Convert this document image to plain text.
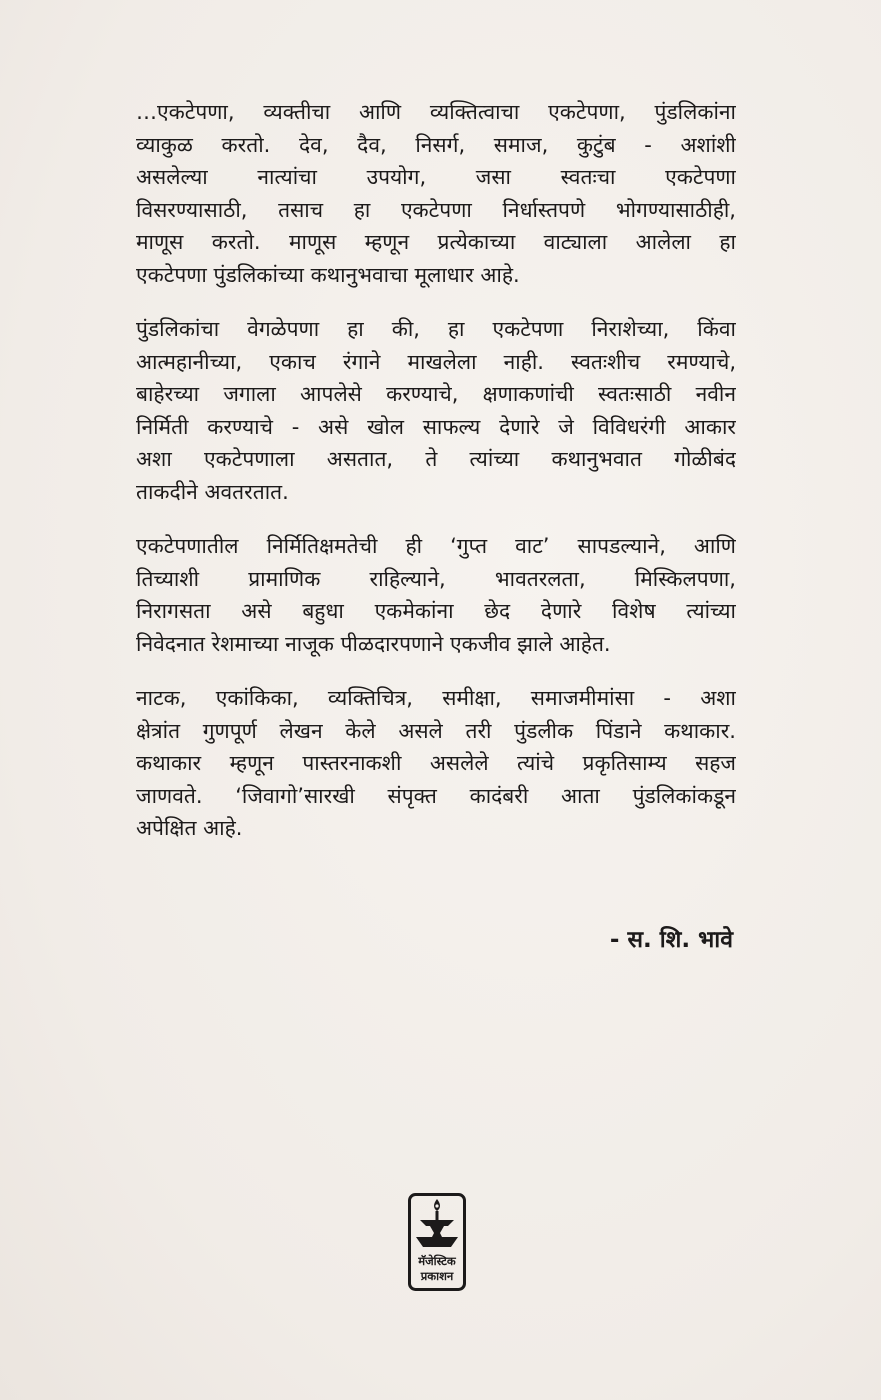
…एकटेपणा, व्यक्तीचा आणि व्यक्तित्वाचा एकटेपणा, पुंडलिकांना
व्याकुळ करतो. देव, दैव, निसर्ग, समाज, कुटुंब - अशांशी
असलेल्या नात्यांचा उपयोग, जसा स्वतःचा एकटेपणा
विसरण्यासाठी, तसाच हा एकटेपणा निर्धास्तपणे भोगण्यासाठीही,
माणूस करतो. माणूस म्हणून प्रत्येकाच्या वाट्याला आलेला हा
एकटेपणा पुंडलिकांच्या कथानुभवाचा मूलाधार आहे.

पुंडलिकांचा वेगळेपणा हा की, हा एकटेपणा निराशेच्या, किंवा
आत्महानीच्या, एकाच रंगाने माखलेला नाही. स्वतःशीच रमण्याचे,
बाहेरच्या जगाला आपलेसे करण्याचे, क्षणाकणांची स्वतःसाठी नवीन
निर्मिती करण्याचे - असे खोल साफल्य देणारे जे विविधरंगी आकार
अशा एकटेपणाला असतात, ते त्यांच्या कथानुभवात गोळीबंद
ताकदीने अवतरतात.

एकटेपणातील निर्मितिक्षमतेची ही ‘गुप्त वाट’ सापडल्याने, आणि
तिच्याशी प्रामाणिक राहिल्याने, भावतरलता, मिस्किलपणा,
निरागसता असे बहुधा एकमेकांना छेद देणारे विशेष त्यांच्या
निवेदनात रेशमाच्या नाजूक पीळदारपणाने एकजीव झाले आहेत.

नाटक, एकांकिका, व्यक्तिचित्र, समीक्षा, समाजमीमांसा - अशा
क्षेत्रांत गुणपूर्ण लेखन केले असले तरी पुंडलीक पिंडाने कथाकार.
कथाकार म्हणून पास्तरनाकशी असलेले त्यांचे प्रकृतिसाम्य सहज
जाणवते. ‘जिवागो’सारखी संपृक्त कादंबरी आता पुंडलिकांकडून
अपेक्षित आहे.

- स. शि. भावे
मॅजेस्टिक
प्रकाशन
